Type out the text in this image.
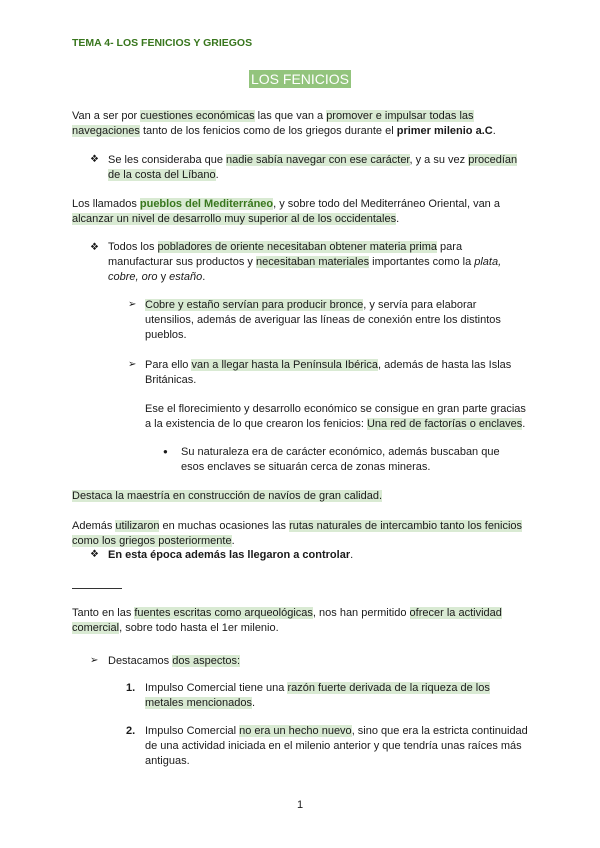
TEMA 4- LOS FENICIOS Y GRIEGOS

LOS FENICIOS

Van a ser por cuestiones económicas las que van a promover e impulsar todas las navegaciones tanto de los fenicios como de los griegos durante el primer milenio a.C.

❖ Se les consideraba que nadie sabía navegar con ese carácter, y a su vez procedían de la costa del Líbano.

Los llamados pueblos del Mediterráneo, y sobre todo del Mediterráneo Oriental, van a alcanzar un nivel de desarrollo muy superior al de los occidentales.

❖ Todos los pobladores de oriente necesitaban obtener materia prima para manufacturar sus productos y necesitaban materiales importantes como la plata, cobre, oro y estaño.

➢ Cobre y estaño servían para producir bronce, y servía para elaborar utensilios, además de averiguar las líneas de conexión entre los distintos pueblos.

➢ Para ello van a llegar hasta la Península Ibérica, además de hasta las Islas Británicas.

Ese el florecimiento y desarrollo económico se consigue en gran parte gracias a la existencia de lo que crearon los fenicios: Una red de factorías o enclaves.

● Su naturaleza era de carácter económico, además buscaban que esos enclaves se situarán cerca de zonas mineras.

Destaca la maestría en construcción de navíos de gran calidad.

Además utilizaron en muchas ocasiones las rutas naturales de intercambio tanto los fenicios como los griegos posteriormente.

❖ En esta época además las llegaron a controlar.

Tanto en las fuentes escritas como arqueológicas, nos han permitido ofrecer la actividad comercial, sobre todo hasta el 1er milenio.

➢ Destacamos dos aspectos:

1. Impulso Comercial tiene una razón fuerte derivada de la riqueza de los metales mencionados.

2. Impulso Comercial no era un hecho nuevo, sino que era la estricta continuidad de una actividad iniciada en el milenio anterior y que tendría unas raíces más antiguas.

1
